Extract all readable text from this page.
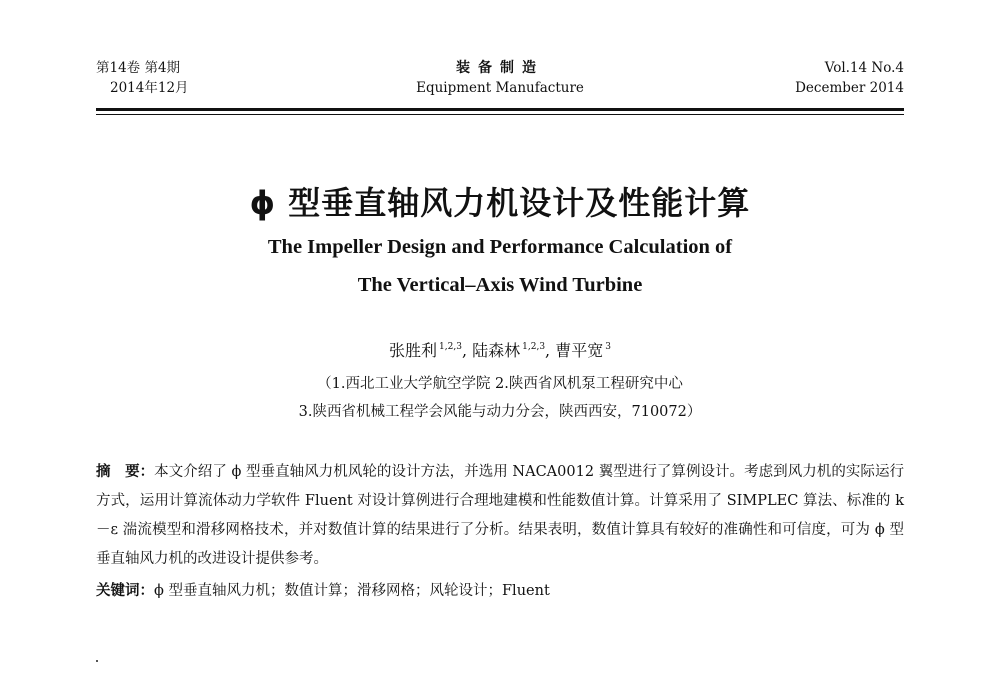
第14卷 第4期
2014年12月
装备制造
Equipment Manufacture
Vol.14 No.4
December 2014
ϕ 型垂直轴风力机设计及性能计算
The Impeller Design and Performance Calculation of
The Vertical–Axis Wind Turbine
张胜利 $^{1,2,3}$, 陆森林 $^{1,2,3}$, 曹平宽 $^3$
（1.西北工业大学航空学院 2.陕西省风机泵工程研究中心
3.陕西省机械工程学会风能与动力分会，陕西西安，710072）
摘　要：本文介绍了 ϕ 型垂直轴风力机风轮的设计方法，并选用 NACA0012 翼型进行了算例设计。考虑到风力机的实际运行方式，运用计算流体动力学软件 Fluent 对设计算例进行合理地建模和性能数值计算。计算采用了 SIMPLEC 算法、标准的 k－ε 湍流模型和滑移网格技术，并对数值计算的结果进行了分析。结果表明，数值计算具有较好的准确性和可信度，可为 ϕ 型垂直轴风力机的改进设计提供参考。
关键词：ϕ 型垂直轴风力机；数值计算；滑移网格；风轮设计；Fluent
